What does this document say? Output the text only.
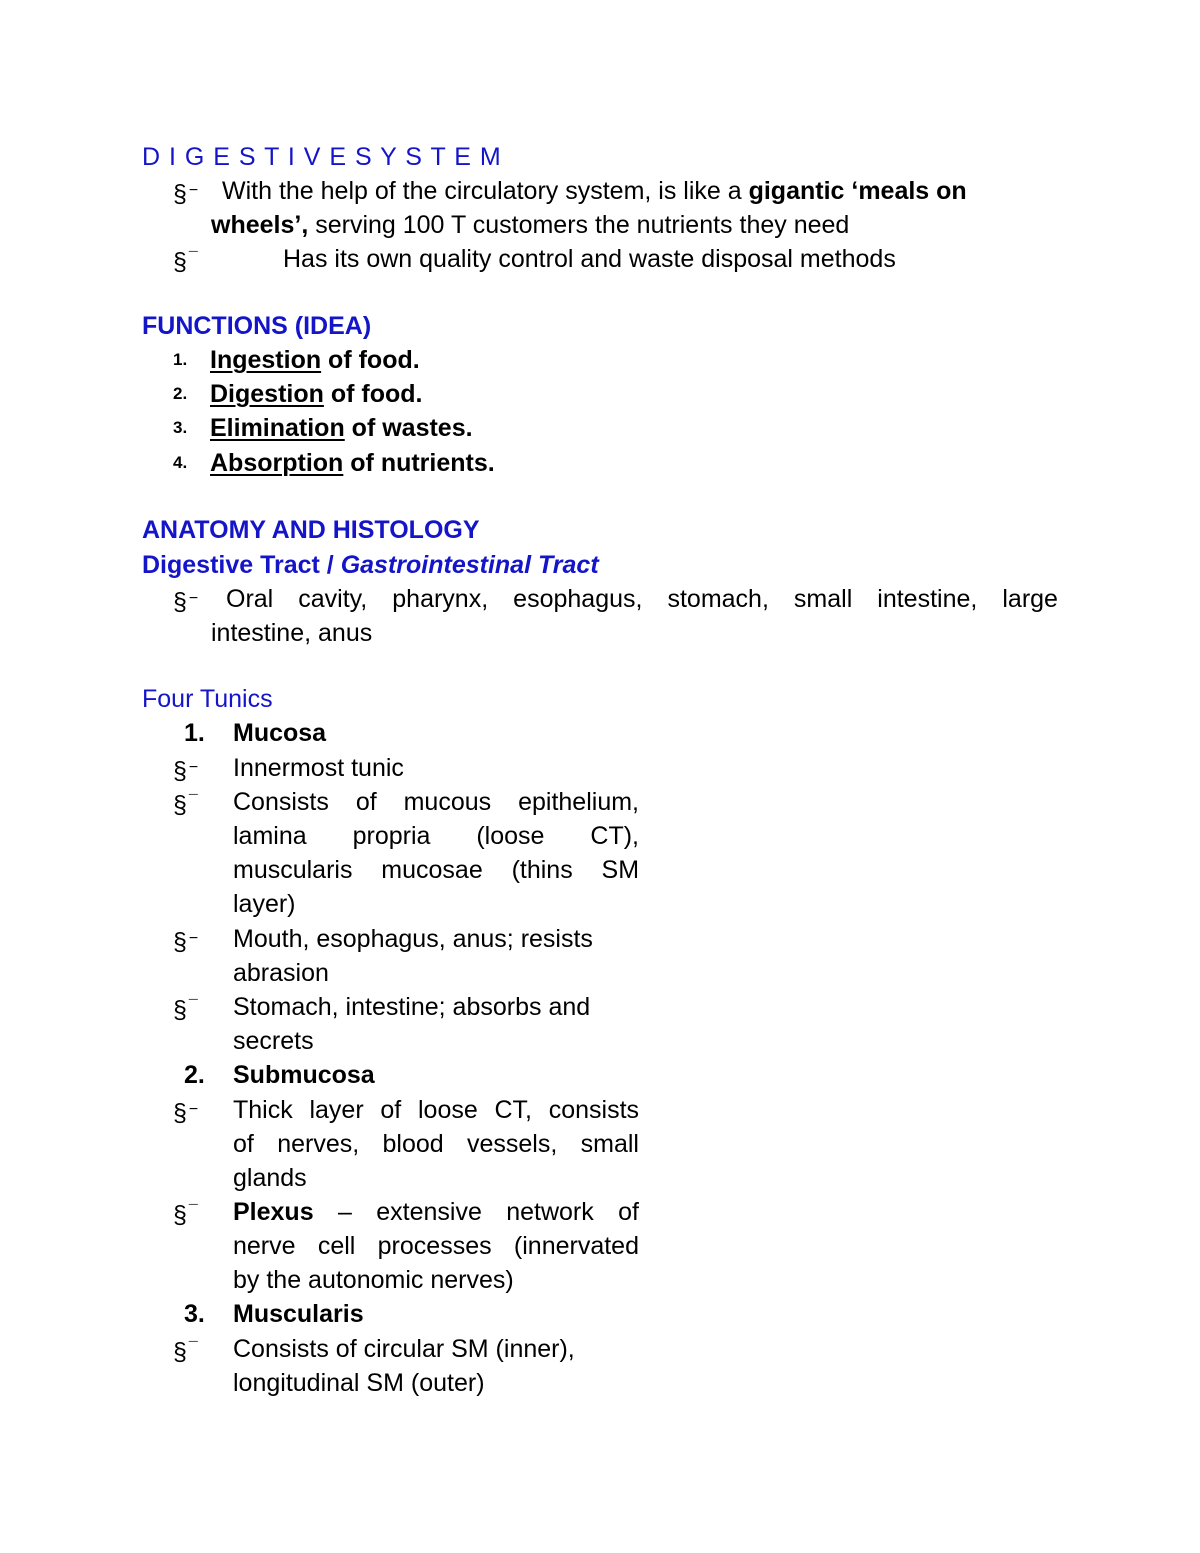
D I G E S T I V E S Y S T E M
§ − With the help of the circulatory system, is like a gigantic ‘meals on
wheels’, serving 100 T customers the nutrients they need
§ ¯	Has its own quality control and waste disposal methods
FUNCTIONS (IDEA)
1. Ingestion of food.
2. Digestion of food.
3. Elimination of wastes.
4. Absorption of nutrients.
ANATOMY AND HISTOLOGY
Digestive Tract / Gastrointestinal Tract
§ − Oral cavity, pharynx, esophagus, stomach, small intestine, large
intestine, anus
Four Tunics
1. Mucosa
§ − Innermost tunic
§ ¯ Consists of mucous epithelium,
lamina propria (loose CT),
muscularis mucosae (thins SM
layer)
§ − Mouth, esophagus, anus; resists
abrasion
§ ¯ Stomach, intestine; absorbs and
secrets
2. Submucosa
§ − Thick layer of loose CT, consists
of nerves, blood vessels, small
glands
§ ¯ Plexus – extensive network of
nerve cell processes (innervated
by the autonomic nerves)
3. Muscularis
§ ¯ Consists of circular SM (inner),
longitudinal SM (outer)
